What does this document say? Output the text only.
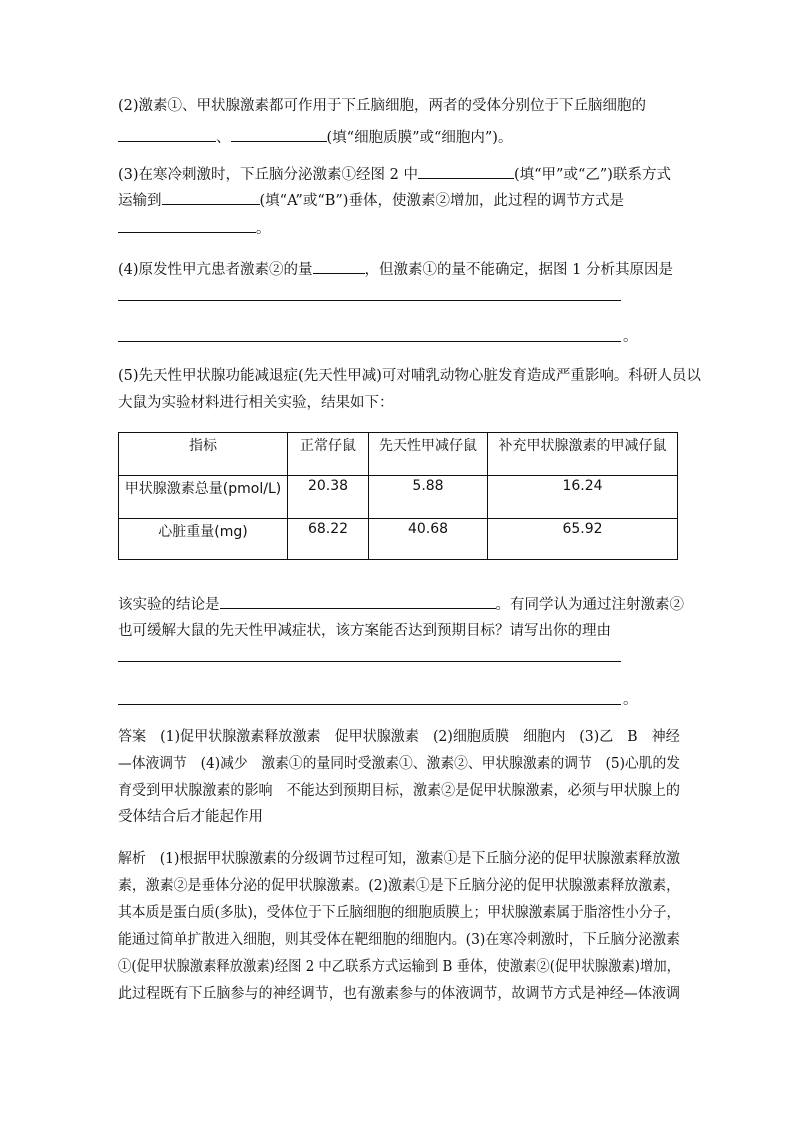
(2)激素①、甲状腺激素都可作用于下丘脑细胞，两者的受体分别位于下丘脑细胞的
、	(填“细胞质膜”或“细胞内”)。
(3)在寒冷刺激时，下丘脑分泌激素①经图 2 中	(填“甲”或“乙”)联系方式
运输到	(填“A”或“B”)垂体，使激素②增加，此过程的调节方式是
。
(4)原发性甲亢患者激素②的量	，但激素①的量不能确定，据图 1 分析其原因是
。
(5)先天性甲状腺功能减退症(先天性甲减)可对哺乳动物心脏发育造成严重影响。科研人员以
大鼠为实验材料进行相关实验，结果如下：
指标	正常仔鼠	先天性甲减仔鼠	补充甲状腺激素的甲减仔鼠
甲状腺激素总量(pmol/L)	20.38	5.88	16.24
心脏重量(mg)	68.22	40.68	65.92
该实验的结论是	。有同学认为通过注射激素②
也可缓解大鼠的先天性甲减症状，该方案能否达到预期目标？请写出你的理由
。
答案　(1)促甲状腺激素释放激素　促甲状腺激素　(2)细胞质膜　细胞内　(3)乙　B　神经
—体液调节　(4)减少　激素①的量同时受激素①、激素②、甲状腺激素的调节　(5)心肌的发
育受到甲状腺激素的影响　不能达到预期目标，激素②是促甲状腺激素，必须与甲状腺上的
受体结合后才能起作用
解析　(1)根据甲状腺激素的分级调节过程可知，激素①是下丘脑分泌的促甲状腺激素释放激
素，激素②是垂体分泌的促甲状腺激素。(2)激素①是下丘脑分泌的促甲状腺激素释放激素，
其本质是蛋白质(多肽)，受体位于下丘脑细胞的细胞质膜上；甲状腺激素属于脂溶性小分子，
能通过简单扩散进入细胞，则其受体在靶细胞的细胞内。(3)在寒冷刺激时，下丘脑分泌激素
①(促甲状腺激素释放激素)经图 2 中乙联系方式运输到 B 垂体，使激素②(促甲状腺激素)增加，
此过程既有下丘脑参与的神经调节，也有激素参与的体液调节，故调节方式是神经—体液调
